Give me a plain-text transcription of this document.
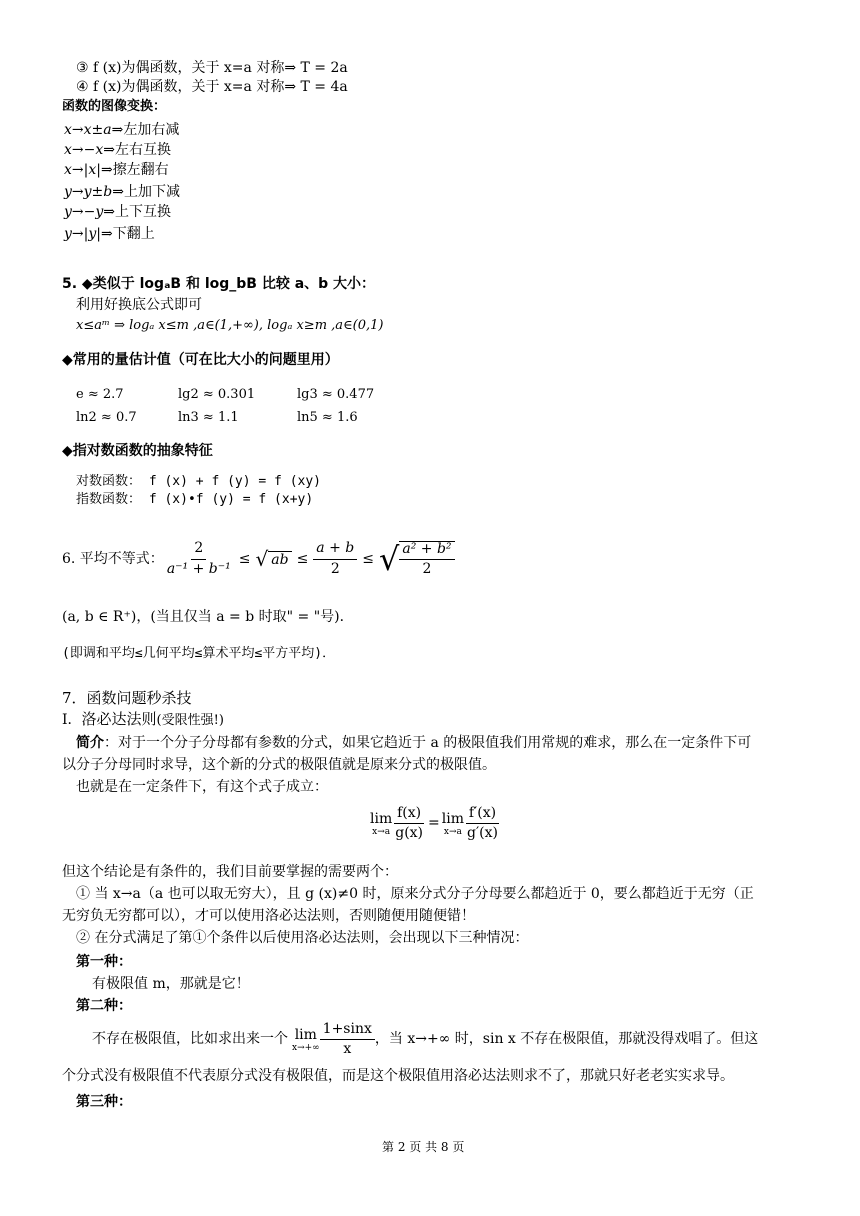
③ f (x)为偶函数，关于 x=a 对称⇒ T = 2a
④ f (x)为偶函数，关于 x=a 对称⇒ T = 4a
函数的图像变换：
x→x±a⇒左加右减
x→−x⇒左右互换
x→|x|⇒擦左翻右
y→y±b⇒上加下减
y→−y⇒上下互换
y→|y|⇒下翻上
5. ◆类似于 logₐB 和 log_bB 比较 a、b 大小：
利用好换底公式即可
x≤aᵐ ⇒ logₐ x≤m ,a∈(1,+∞), logₐ x≥m ,a∈(0,1)
◆常用的量估计值（可在比大小的问题里用）
e ≈ 2.7	lg2 ≈ 0.301	lg3 ≈ 0.477
ln2 ≈ 0.7	ln3 ≈ 1.1	ln5 ≈ 1.6
◆指对数函数的抽象特征
对数函数： f (x) + f (y) = f (xy)
指数函数： f (x)•f (y) = f (x+y)
6. 平均不等式： $\frac{2}{\text{a⁻¹ + b⁻¹}}$ ≤ √ ab ≤ $\frac{a + b}{2}$ ≤ √ $\frac{\text{a² + b²}}{2}$
(a, b ∈ R⁺)，(当且仅当 a = b 时取" = "号)．
(即调和平均≤几何平均≤算术平均≤平方平均)．
7．函数问题秒杀技
Ⅰ．洛必达法则(受限性强!)
简介：对于一个分子分母都有参数的分式，如果它趋近于 a 的极限值我们用常规的难求，那么在一定条件下可
以分子分母同时求导，这个新的分式的极限值就是原来分式的极限值。
也就是在一定条件下，有这个式子成立：
lim
$x\to a \frac{f(x)}{g(x)} = \lim$
$x\to a \frac{f'(x)}{g'(x)}$
但这个结论是有条件的，我们目前要掌握的需要两个：
① 当 x→a（a 也可以取无穷大），且 g (x)≠0 时，原来分式分子分母要么都趋近于 0，要么都趋近于无穷（正
无穷负无穷都可以），才可以使用洛必达法则，否则随便用随便错！
② 在分式满足了第①个条件以后使用洛必达法则，会出现以下三种情况：
第一种：
有极限值 m，那就是它！
第二种：
不存在极限值，比如求出来一个 lim
$x\to+\infty \frac{1+\sin x}{x}$ ，当 x→+∞ 时，sin x 不存在极限值，那就没得戏唱了。但这
个分式没有极限值不代表原分式没有极限值，而是这个极限值用洛必达法则求不了，那就只好老老实实求导。
第三种：
第 2 页 共 8 页
